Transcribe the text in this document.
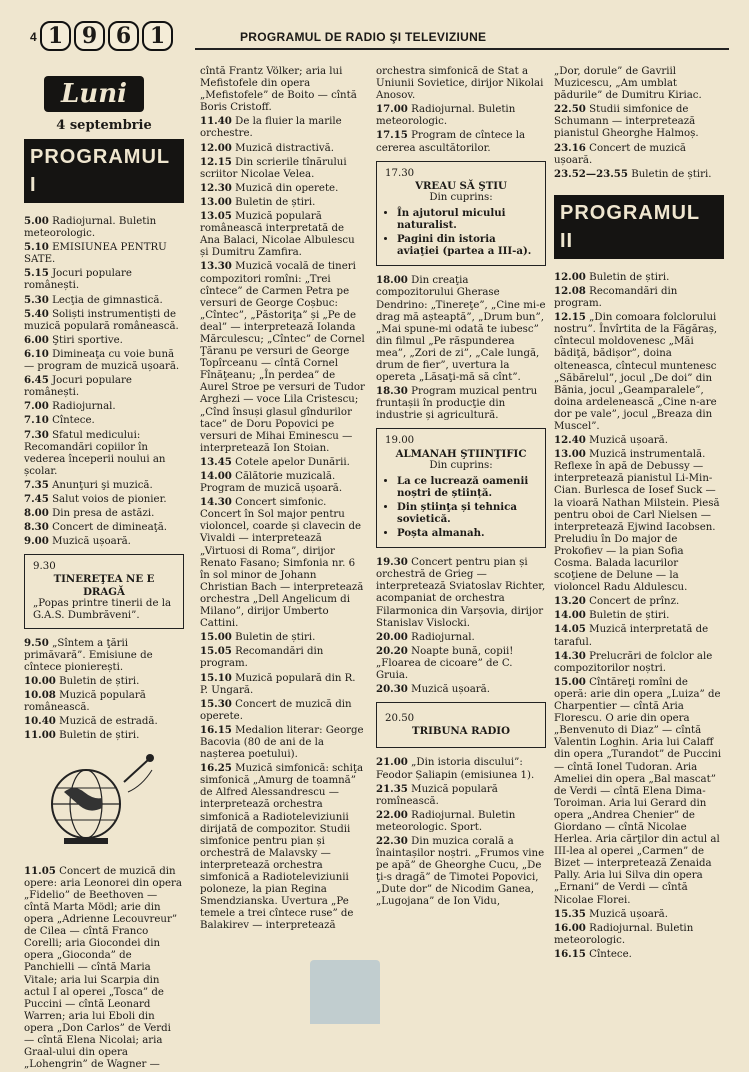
4 1 9 6 1	PROGRAMUL DE RADIO ŞI TELEVIZIUNE
Luni
4 septembrie
PROGRAMUL I
5.00 Radiojurnal. Buletin meteorologic.
5.10 EMISIUNEA PENTRU SATE.
5.15 Jocuri populare românești.
5.30 Lecţia de gimnastică.
5.40 Soliști instrumentiști de muzică populară românească.
6.00 Ştiri sportive.
6.10 Dimineaţa cu voie bună — program de muzică ușoară.
6.45 Jocuri populare românești.
7.00 Radiojurnal.
7.10 Cîntece.
7.30 Sfatul medicului: Recomandări copiilor în vederea începerii noului an școlar.
7.35 Anunţuri şi muzică.
7.45 Salut voios de pionier.
8.00 Din presa de astăzi.
8.30 Concert de dimineaţă.
9.00 Muzică ușoară.
9.30
TINEREŢEA NE E DRAGĂ
„Popas printre tinerii de la G.A.S. Dumbrăveni”.
9.50 „Sîntem a ţării primăvară”. Emisiune de cîntece pionierești.
10.00 Buletin de știri.
10.08 Muzică populară românească.
10.40 Muzică de estradă.
11.00 Buletin de știri.
11.05 Concert de muzică din opere: aria Leonorei din opera „Fidelio” de Beethoven — cîntă Marta Mödl; arie din opera „Adrienne Lecouvreur” de Cilea — cîntă Franco Corelli; aria Giocondei din opera „Gioconda” de Panchielli — cîntă Maria Vitale; aria lui Scarpia din actul I al operei „Tosca” de Puccini — cîntă Leonard Warren; aria lui Eboli din opera „Don Carlos” de Verdi — cîntă Elena Nicolai; aria Graal-ului din opera „Lohengrin” de Wagner —
cîntă Frantz Völker; aria lui Mefistofele din opera „Mefistofele” de Boito — cîntă Boris Cristoff.
11.40 De la fluier la marile orchestre.
12.00 Muzică distractivă.
12.15 Din scrierile tînărului scriitor Nicolae Velea.
12.30 Muzică din operete.
13.00 Buletin de știri.
13.05 Muzică populară românească interpretată de Ana Balaci, Nicolae Albulescu și Dumitru Zamfira.
13.30 Muzică vocală de tineri compozitori romîni: „Trei cîntece” de Carmen Petra pe versuri de George Coșbuc: „Cîntec”, „Păstoriţa” și „Pe de deal” — interpretează Iolanda Mărculescu; „Cîntec” de Cornel Ţăranu pe versuri de George Topîrceanu — cîntă Cornel Fînăţeanu; „În perdea” de Aurel Stroe pe versuri de Tudor Arghezi — voce Lila Cristescu; „Cînd însuși glasul gîndurilor tace” de Doru Popovici pe versuri de Mihai Eminescu — interpretează Ion Stoian.
13.45 Cotele apelor Dunării.
14.00 Călătorie muzicală. Program de muzică ușoară.
14.30 Concert simfonic. Concert în Sol major pentru violoncel, coarde și clavecin de Vivaldi — interpretează „Virtuosi di Roma”, dirijor Renato Fasano; Simfonia nr. 6 în sol minor de Johann Christian Bach — interpretează orchestra „Dell Angelicum di Milano”, dirijor Umberto Cattini.
15.00 Buletin de știri.
15.05 Recomandări din program.
15.10 Muzică populară din R. P. Ungară.
15.30 Concert de muzică din operete.
16.15 Medalion literar: George Bacovia (80 de ani de la nașterea poetului).
16.25 Muzică simfonică: schiţa simfonică „Amurg de toamnă” de Alfred Alessandrescu — interpretează orchestra simfonică a Radioteleviziunii dirijată de compozitor. Studii simfonice pentru pian și orchestră de Malavsky — interpretează orchestra simfonică a Radioteleviziunii poloneze, la pian Regina Smendzianska. Uvertura „Pe temele a trei cîntece ruse” de Balakirev — interpretează
orchestra simfonică de Stat a Uniunii Sovietice, dirijor Nikolai Anosov.
17.00 Radiojurnal. Buletin meteorologic.
17.15 Program de cîntece la cererea ascultătorilor.
17.30
VREAU SĂ ŞTIU
Din cuprins:
• În ajutorul micului naturalist.
• Pagini din istoria aviaţiei (partea a III-a).
18.00 Din creaţia compozitorului Gherase Dendrino: „Tinereţe”, „Cine mi-e drag mă așteaptă”, „Drum bun”, „Mai spune-mi odată te iubesc” din filmul „Pe răspunderea mea”, „Zori de zi”, „Cale lungă, drum de fier”, uvertura la opereta „Lăsaţi-mă să cînt”.
18.30 Program muzical pentru fruntașii în producţie din industrie și agricultură.
19.00
ALMANAH ŞTIINŢIFIC
Din cuprins:
• La ce lucrează oamenii noștri de știință.
• Din știinţa și tehnica sovietică.
• Poșta almanah.
19.30 Concert pentru pian și orchestră de Grieg — interpretează Sviatoslav Richter, acompaniat de orchestra Filarmonica din Varșovia, dirijor Stanislav Vislocki.
20.00 Radiojurnal.
20.20 Noapte bună, copii! „Floarea de cicoare” de C. Gruia.
20.30 Muzică ușoară.
20.50
TRIBUNA RADIO
21.00 „Din istoria discului”: Feodor Șaliapin (emisiunea 1).
21.35 Muzică populară romînească.
22.00 Radiojurnal. Buletin meteorologic. Sport.
22.30 Din muzica corală a înaintașilor noștri. „Frumos vine pe apă” de Gheorghe Cucu, „De ţi-s dragă” de Timotei Popovici, „Dute dor” de Nicodim Ganea, „Lugojana” de Ion Vidu,
„Dor, dorule” de Gavriil Muzicescu, „Am umblat pădurile” de Dumitru Kiriac.
22.50 Studii simfonice de Schumann — interpretează pianistul Gheorghe Halmoș.
23.16 Concert de muzică ușoară.
23.52—23.55 Buletin de știri.
PROGRAMUL II
12.00 Buletin de știri.
12.08 Recomandări din program.
12.15 „Din comoara folclorului nostru”. Învîrtita de la Făgăraș, cîntecul moldovenesc „Măi bădiţă, bădișor”, doina olteneasca, cîntecul muntenesc „Săbărelul”, jocul „De doi” din Bănia, jocul „Geamparalele”, doina ardelenească „Cine n-are dor pe vale”, jocul „Breaza din Muscel”.
12.40 Muzică ușoară.
13.00 Muzică instrumentală. Reflexe în apă de Debussy — interpretează pianistul Li-Min-Cian. Burlesca de Iosef Suck — la vioară Nathan Milstein. Piesă pentru oboi de Carl Nielsen — interpretează Ejwind Iacobsen. Preludiu în Do major de Prokofiev — la pian Sofia Cosma. Balada lacurilor scoţiene de Delune — la violoncel Radu Aldulescu.
13.20 Concert de prînz.
14.00 Buletin de știri.
14.05 Muzică interpretată de taraful.
14.30 Prelucrări de folclor ale compozitorilor noștri.
15.00 Cîntăreţi romîni de operă: arie din opera „Luiza” de Charpentier — cîntă Aria Florescu. O arie din opera „Benvenuto di Diaz” — cîntă Valentin Loghin. Aria lui Calaff din opera „Turandot” de Puccini — cîntă Ionel Tudoran. Aria Ameliei din opera „Bal mascat” de Verdi — cîntă Elena Dima-Toroiman. Aria lui Gerard din opera „Andrea Chenier” de Giordano — cîntă Nicolae Herlea. Aria cărţilor din actul al III-lea al operei „Carmen” de Bizet — interpretează Zenaida Pally. Aria lui Silva din opera „Ernani” de Verdi — cîntă Nicolae Florei.
15.35 Muzică ușoară.
16.00 Radiojurnal. Buletin meteorologic.
16.15 Cîntece.
